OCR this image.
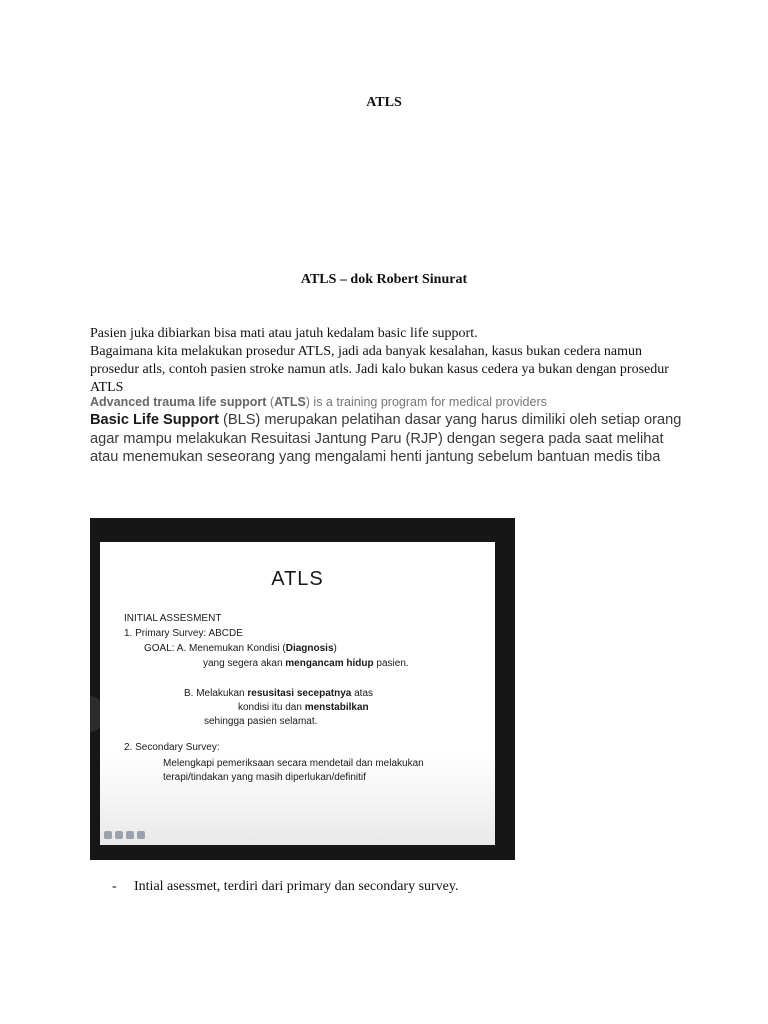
ATLS
ATLS – dok Robert Sinurat

Pasien juka dibiarkan bisa mati atau jatuh kedalam basic life support.

Bagaimana kita melakukan prosedur ATLS, jadi ada banyak kesalahan, kasus bukan cedera namun prosedur atls, contoh pasien stroke namun atls. Jadi kalo bukan kasus cedera ya bukan dengan prosedur ATLS

Advanced trauma life support (ATLS) is a training program for medical providers
Basic Life Support (BLS) merupakan pelatihan dasar yang harus dimiliki oleh setiap orang agar mampu melakukan Resuitasi Jantung Paru (RJP) dengan segera pada saat melihat atau menemukan seseorang yang mengalami henti jantung sebelum bantuan medis tiba
ATLS
INITIAL ASSESMENT
1. Primary Survey: ABCDE
GOAL: A. Menemukan Kondisi (Diagnosis)
yang segera akan mengancam hidup pasien.
B. Melakukan resusitasi secepatnya atas
kondisi itu dan menstabilkan
sehingga pasien selamat.
2. Secondary Survey:
Melengkapi pemeriksaan secara mendetail dan melakukan
terapi/tindakan yang masih diperlukan/definitif
- Intial asessmet, terdiri dari primary dan secondary survey.
